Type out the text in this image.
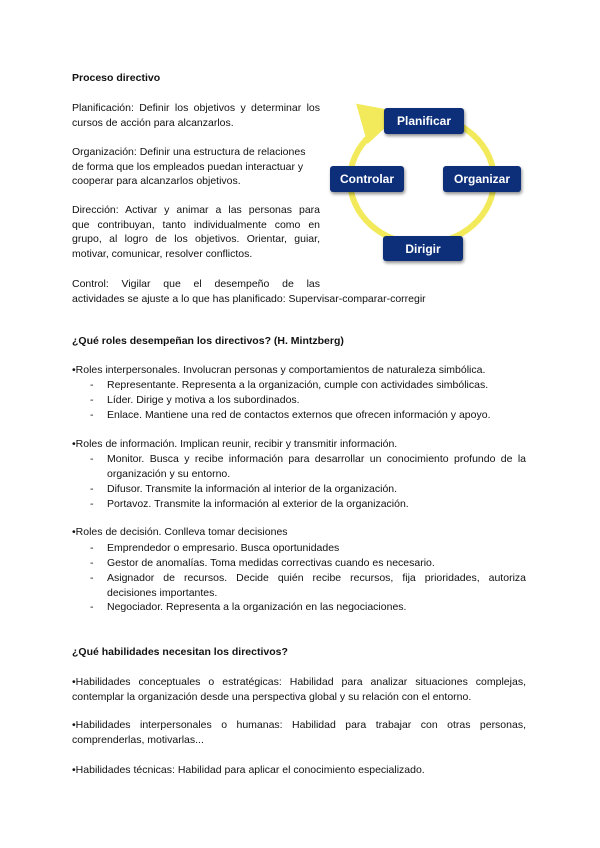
Proceso directivo
Planificación: Definir los objetivos y determinar los
cursos de acción para alcanzarlos.
Organización: Definir una estructura de relaciones
de forma que los empleados puedan interactuar y
cooperar para alcanzarlos objetivos.
Dirección: Activar y animar a las personas para
que contribuyan, tanto individualmente como en
grupo, al logro de los objetivos. Orientar, guiar,
motivar, comunicar, resolver conflictos.
Control: Vigilar que el desempeño de las
actividades se ajuste a lo que has planificado: Supervisar-comparar-corregir
Planificar
Organizar
Dirigir
Controlar
¿Qué roles desempeñan los directivos? (H. Mintzberg)
•Roles interpersonales. Involucran personas y comportamientos de naturaleza simbólica.
- Representante. Representa a la organización, cumple con actividades simbólicas.
- Líder. Dirige y motiva a los subordinados.
- Enlace. Mantiene una red de contactos externos que ofrecen información y apoyo.
•Roles de información. Implican reunir, recibir y transmitir información.
- Monitor. Busca y recibe información para desarrollar un conocimiento profundo de la
organización y su entorno.
- Difusor. Transmite la información al interior de la organización.
- Portavoz. Transmite la información al exterior de la organización.
•Roles de decisión. Conlleva tomar decisiones
- Emprendedor o empresario. Busca oportunidades
- Gestor de anomalías. Toma medidas correctivas cuando es necesario.
- Asignador de recursos. Decide quién recibe recursos, fija prioridades, autoriza
decisiones importantes.
- Negociador. Representa a la organización en las negociaciones.
¿Qué habilidades necesitan los directivos?
•Habilidades conceptuales o estratégicas: Habilidad para analizar situaciones complejas,
contemplar la organización desde una perspectiva global y su relación con el entorno.
•Habilidades interpersonales o humanas: Habilidad para trabajar con otras personas,
comprenderlas, motivarlas...
•Habilidades técnicas: Habilidad para aplicar el conocimiento especializado.
